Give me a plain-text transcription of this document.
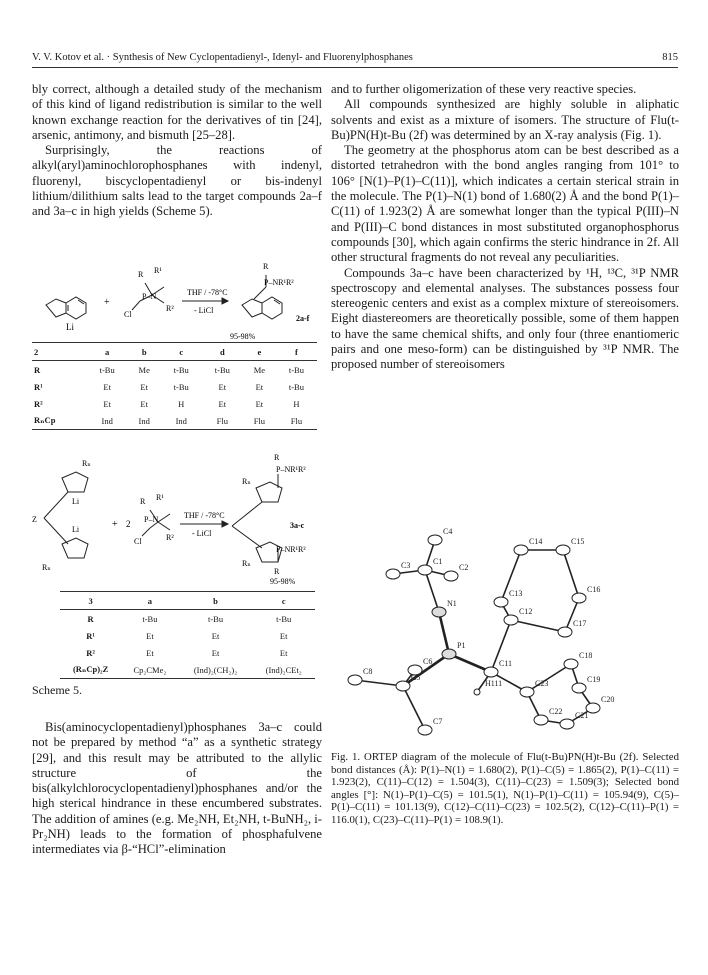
V. V. Kotov et al. · Synthesis of New Cyclopentadienyl-, Idenyl- and Fluorenylphosphanes	815

bly correct, although a detailed study of the mechanism of this kind of ligand redistribution is similar to the well known exchange reaction for the derivatives of tin [24], arsenic, antimony, and bismuth [25–28].

Surprisingly, the reactions of alkyl(aryl)aminochlorophosphanes with indenyl, fluorenyl, biscyclopentadienyl or bis-indenyl lithium/dilithium salts lead to the target compounds 2a–f and 3a–c in high yields (Scheme 5).

Li
+
R R¹
P–N
Cl
R²
THF / -78°C
- LiCl
R
P–NR¹R²
2a-f
95-98%
2	a	b	c	d	e	f
R	t-Bu	Me	t-Bu	t-Bu	Me	t-Bu
R¹	Et	Et	t-Bu	Et	Et	t-Bu
R²	Et	Et	H	Et	Et	H
RₙCp	Ind	Ind	Ind	Flu	Flu	Flu
Rₙ
Li
Z
Li
Rₙ
+ 2
R R¹
P–N
Cl	R²
THF / -78°C
- LiCl
R
Rₙ
P–NR¹R²
3a-c
P–NR¹R²
Rₙ
R
95-98%
3	a	b	c
R	t-Bu	t-Bu	t-Bu
R¹	Et	Et	Et
R²	Et	Et	Et
(RₙCp)₂Z	Cp₂CMe₂	(Ind)₂(CH₂)₂	(Ind)₂CEt₂
Scheme 5.

Bis(aminocyclopentadienyl)phosphanes 3a–c could not be prepared by method “a” as a synthetic strategy [29], and this result may be attributed to the allylic structure of the bis(alkylchlorocyclopentadienyl)phosphanes and/or the high sterical hindrance in these encumbered substrates. The addition of amines (e.g. Me₂NH, Et₂NH, t-BuNH₂, i-Pr₂NH) leads to the formation of phosphafulvene intermediates via β-“HCl”-elimination

and to further oligomerization of these very reactive species.

All compounds synthesized are highly soluble in aliphatic solvents and exist as a mixture of isomers. The structure of Flu(t-Bu)PN(H)t-Bu (2f) was determined by an X-ray analysis (Fig. 1).

The geometry at the phosphorus atom can be best described as a distorted tetrahedron with the bond angles ranging from 101° to 106° [N(1)–P(1)–C(11)], which indicates a certain sterical strain in the molecule. The P(1)–N(1) bond of 1.680(2) Å and the bond P(1)–C(11) of 1.923(2) Å are somewhat longer than the typical P(III)–N and P(III)–C bond distances in most substituted organophosphorus compounds [30], which again confirms the steric hindrance in 2f. All other structural fragments do not reveal any peculiarities.

Compounds 3a–c have been characterized by ¹H, ¹³C, ³¹P NMR spectroscopy and elemental analyses. The substances possess four stereogenic centers and exist as a complex mixture of stereoisomers. Eight diastereomers are theoretically possible, some of them happen to have the same chemical shifts, and only four (three enantiomeric pairs and one meso-form) can be distinguished by ³¹P NMR. The proposed number of stereoisomers

C4
C14	C15
C3	C1
C2
C16
N1
C13
C12
C17
P1
C18
C6	C11
C19
C8
C5
H111	C23
C20
C22 C21
C7
Fig. 1. ORTEP diagram of the molecule of Flu(t-Bu)PN(H)t-Bu (2f). Selected bond distances (Å): P(1)–N(1) = 1.680(2), P(1)–C(5) = 1.865(2), P(1)–C(11) = 1.923(2), C(11)–C(12) = 1.504(3), C(11)–C(23) = 1.509(3); Selected bond angles [°]: N(1)–P(1)–C(5) = 101.5(1), N(1)–P(1)–C(11) = 105.94(9), C(5)–P(1)–C(11) = 101.13(9), C(12)–C(11)–C(23) = 102.5(2), C(12)–C(11)–P(1) = 116.0(1), C(23)–C(11)–P(1) = 108.9(1).
